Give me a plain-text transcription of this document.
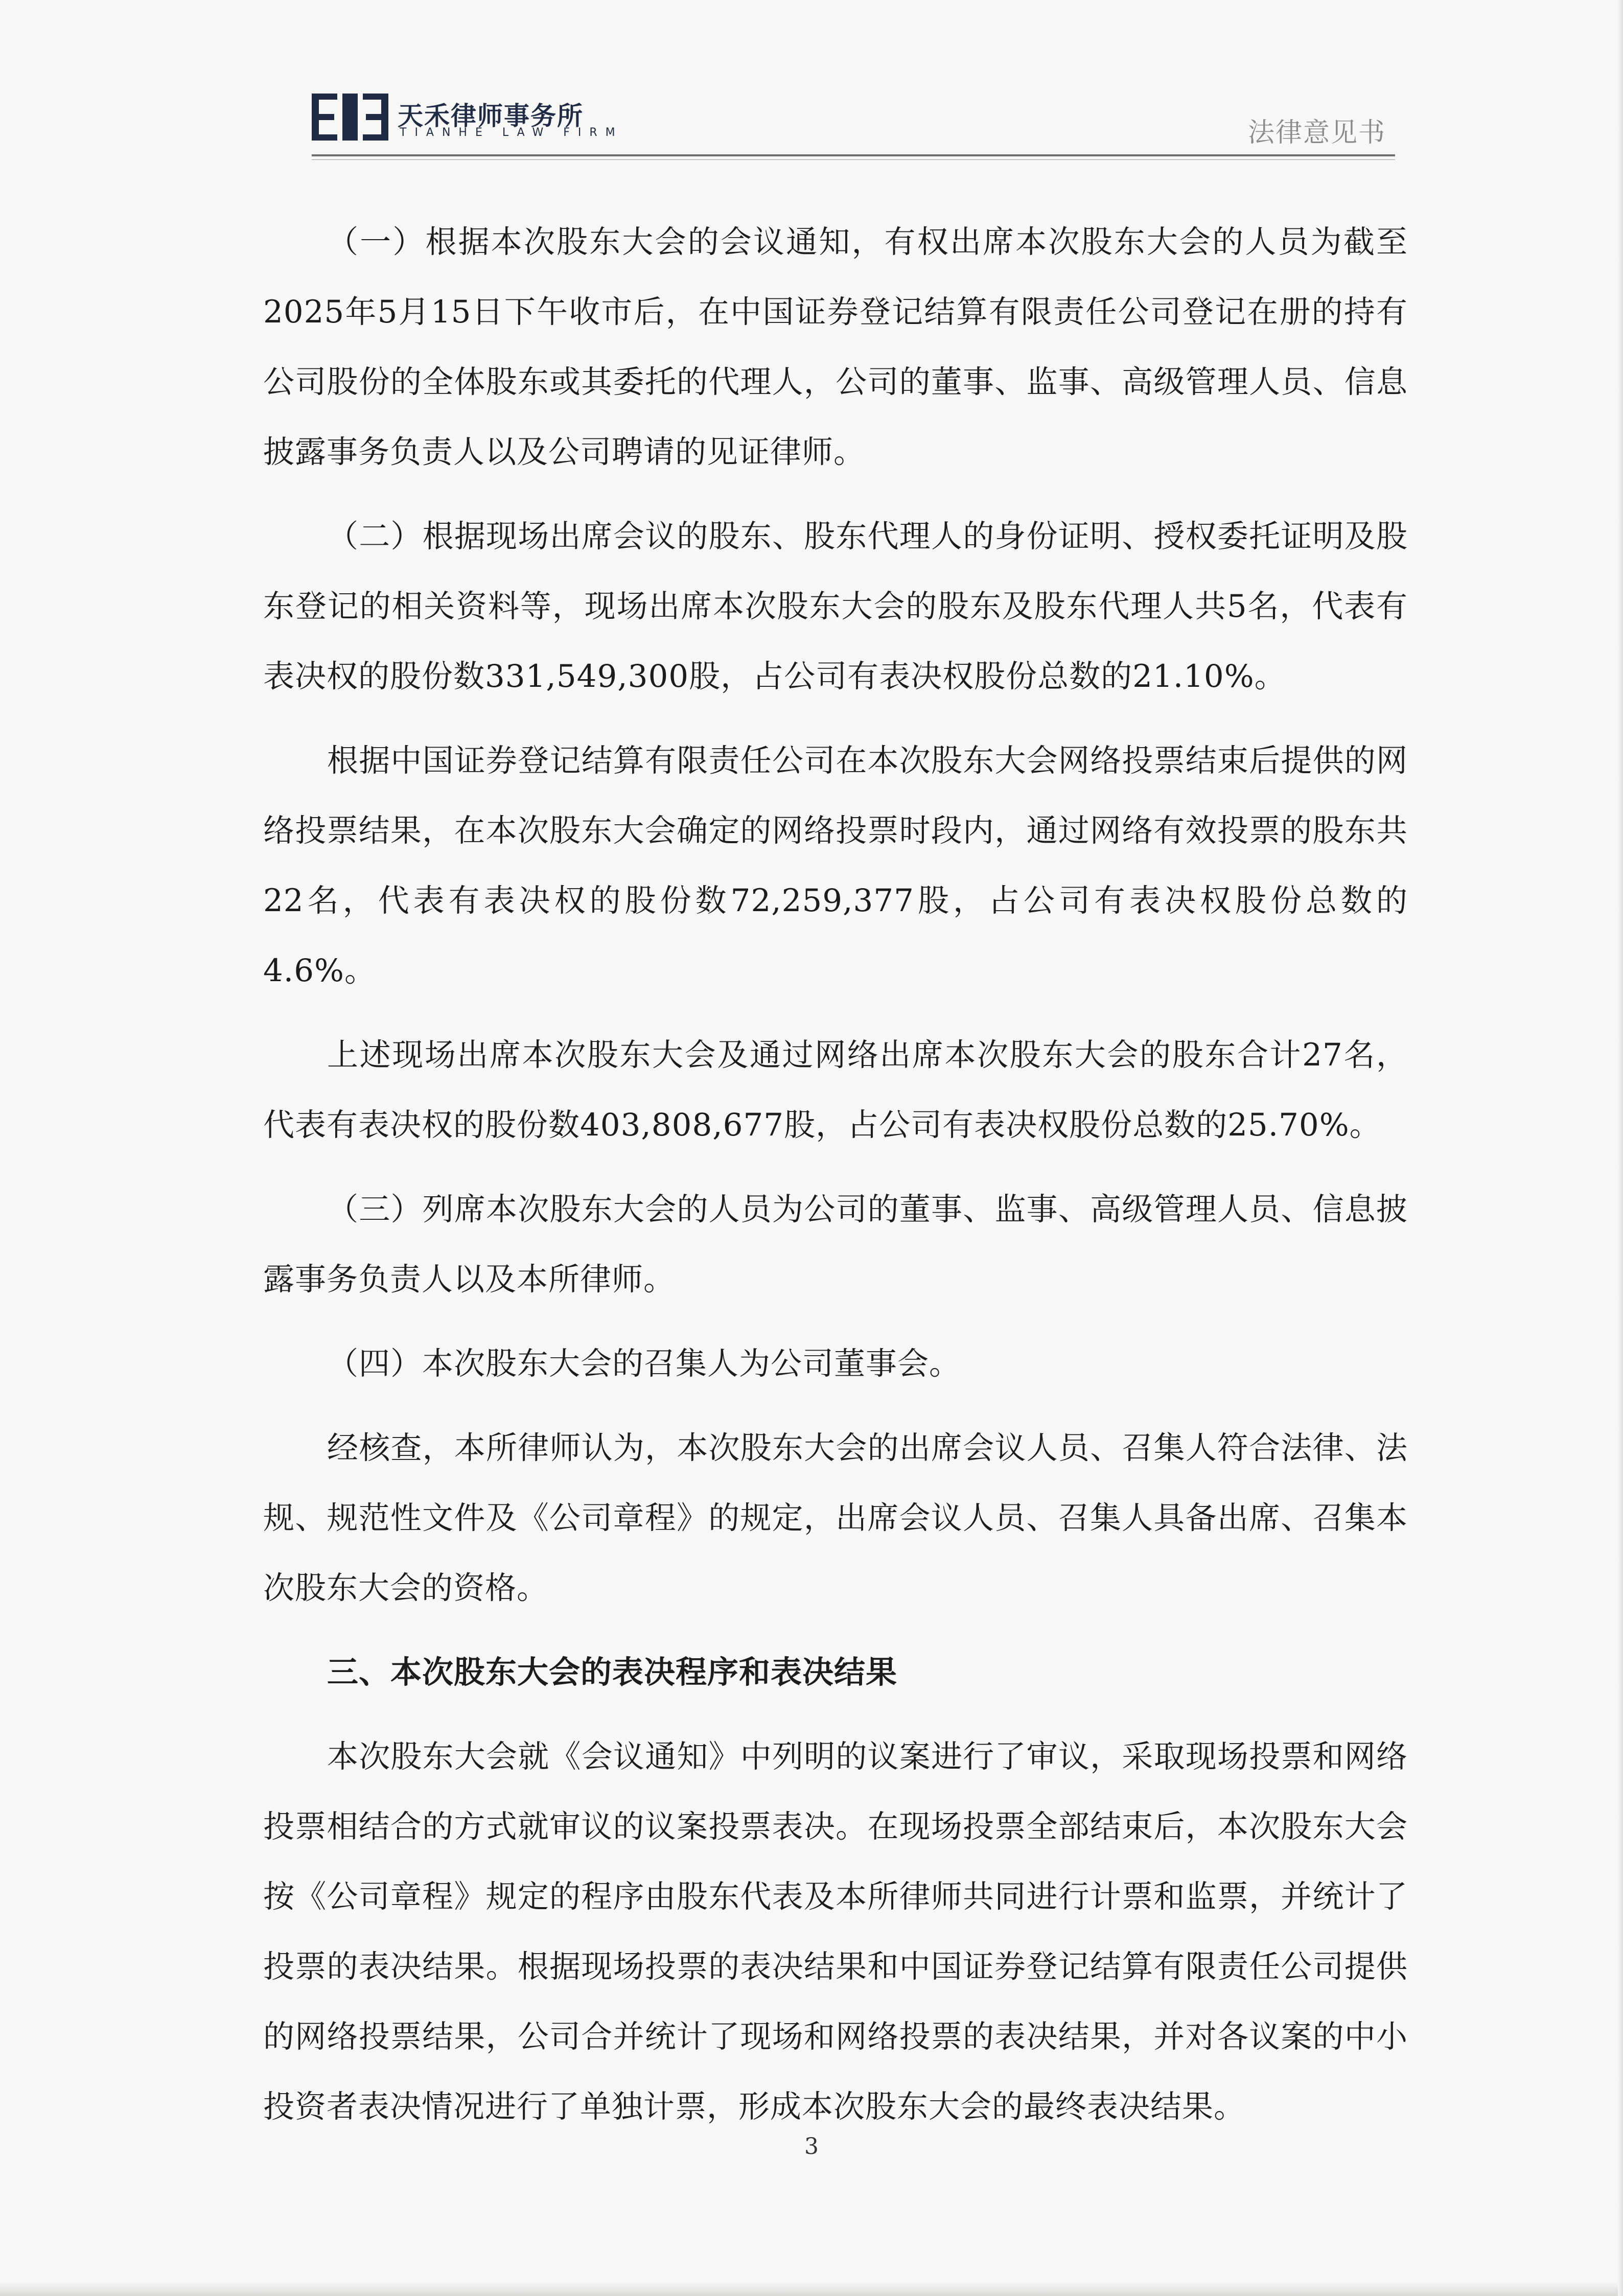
天禾律师事务所
TIANHE LAW FIRM	法律意见书

（一）根据本次股东大会的会议通知，有权出席本次股东大会的人员为截至2025年5月15日下午收市后，在中国证券登记结算有限责任公司登记在册的持有公司股份的全体股东或其委托的代理人，公司的董事、监事、高级管理人员、信息披露事务负责人以及公司聘请的见证律师。

（二）根据现场出席会议的股东、股东代理人的身份证明、授权委托证明及股东登记的相关资料等，现场出席本次股东大会的股东及股东代理人共5名，代表有表决权的股份数331,549,300股，占公司有表决权股份总数的21.10%。

根据中国证券登记结算有限责任公司在本次股东大会网络投票结束后提供的网络投票结果，在本次股东大会确定的网络投票时段内，通过网络有效投票的股东共22名，代表有表决权的股份数72,259,377股，占公司有表决权股份总数的4.6%。

上述现场出席本次股东大会及通过网络出席本次股东大会的股东合计27名，代表有表决权的股份数403,808,677股，占公司有表决权股份总数的25.70%。

（三）列席本次股东大会的人员为公司的董事、监事、高级管理人员、信息披露事务负责人以及本所律师。

（四）本次股东大会的召集人为公司董事会。

经核查，本所律师认为，本次股东大会的出席会议人员、召集人符合法律、法规、规范性文件及《公司章程》的规定，出席会议人员、召集人具备出席、召集本次股东大会的资格。

三、本次股东大会的表决程序和表决结果

本次股东大会就《会议通知》中列明的议案进行了审议，采取现场投票和网络投票相结合的方式就审议的议案投票表决。在现场投票全部结束后，本次股东大会按《公司章程》规定的程序由股东代表及本所律师共同进行计票和监票，并统计了投票的表决结果。根据现场投票的表决结果和中国证券登记结算有限责任公司提供的网络投票结果，公司合并统计了现场和网络投票的表决结果，并对各议案的中小投资者表决情况进行了单独计票，形成本次股东大会的最终表决结果。

3
